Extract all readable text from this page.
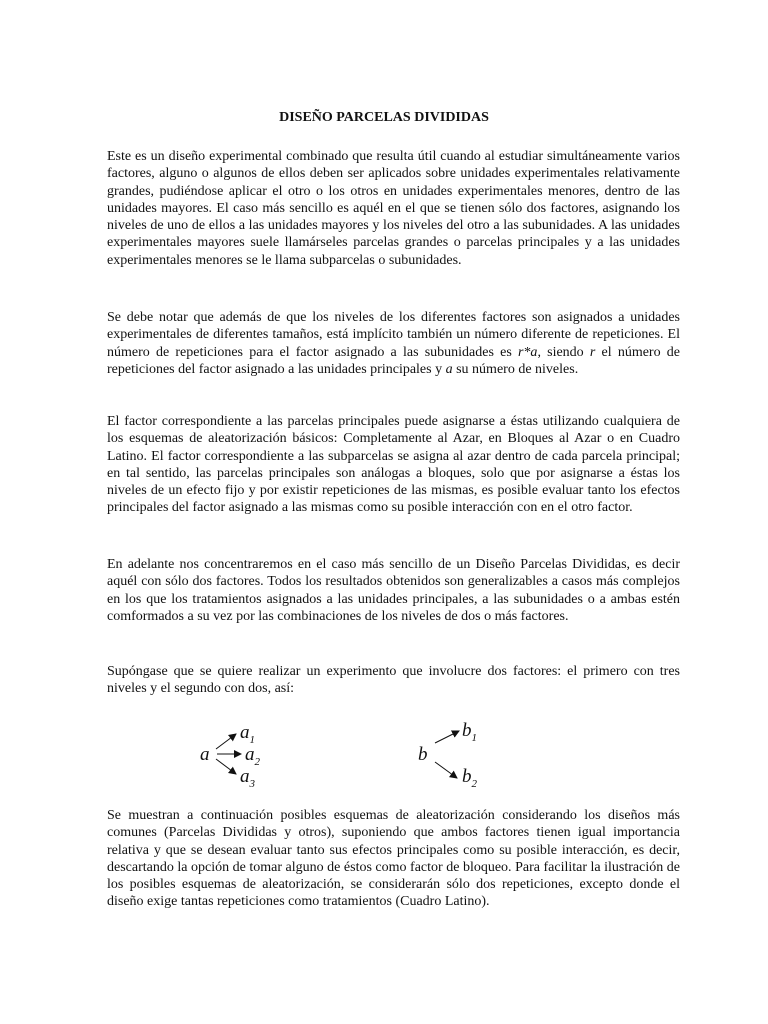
DISEÑO PARCELAS DIVIDIDAS

Este es un diseño experimental combinado que resulta útil cuando al estudiar simultáneamente varios factores, alguno o algunos de ellos deben ser aplicados sobre unidades experimentales relativamente grandes, pudiéndose aplicar el otro o los otros en unidades experimentales menores, dentro de las unidades mayores. El caso más sencillo es aquél en el que se tienen sólo dos factores, asignando los niveles de uno de ellos a las unidades mayores y los niveles del otro a las subunidades. A las unidades experimentales mayores suele llamárseles parcelas grandes o parcelas principales y a las unidades experimentales menores se le llama subparcelas o subunidades.

Se debe notar que además de que los niveles de los diferentes factores son asignados a unidades experimentales de diferentes tamaños, está implícito también un número diferente de repeticiones. El número de repeticiones para el factor asignado a las subunidades es r*a, siendo r el número de repeticiones del factor asignado a las unidades principales y a su número de niveles.

El factor correspondiente a las parcelas principales puede asignarse a éstas utilizando cualquiera de los esquemas de aleatorización básicos: Completamente al Azar, en Bloques al Azar o en Cuadro Latino. El factor correspondiente a las subparcelas se asigna al azar dentro de cada parcela principal; en tal sentido, las parcelas principales son análogas a bloques, solo que por asignarse a éstas los niveles de un efecto fijo y por existir repeticiones de las mismas, es posible evaluar tanto los efectos principales del factor asignado a las mismas como su posible interacción con en el otro factor.

En adelante nos concentraremos en el caso más sencillo de un Diseño Parcelas Divididas, es decir aquél con sólo dos factores. Todos los resultados obtenidos son generalizables a casos más complejos en los que los tratamientos asignados a las unidades principales, a las subunidades o a ambas estén comformados a su vez por las combinaciones de los niveles de dos o más factores.

Supóngase que se quiere realizar un experimento que involucre dos factores: el primero con tres niveles y el segundo con dos, así:

a
$a_1$
$a_2$
$a_3$
b
$b_1$
$b_2$

Se muestran a continuación posibles esquemas de aleatorización considerando los diseños más comunes (Parcelas Divididas y otros), suponiendo que ambos factores tienen igual importancia relativa y que se desean evaluar tanto sus efectos principales como su posible interacción, es decir, descartando la opción de tomar alguno de éstos como factor de bloqueo. Para facilitar la ilustración de los posibles esquemas de aleatorización, se considerarán sólo dos repeticiones, excepto donde el diseño exige tantas repeticiones como tratamientos (Cuadro Latino).
